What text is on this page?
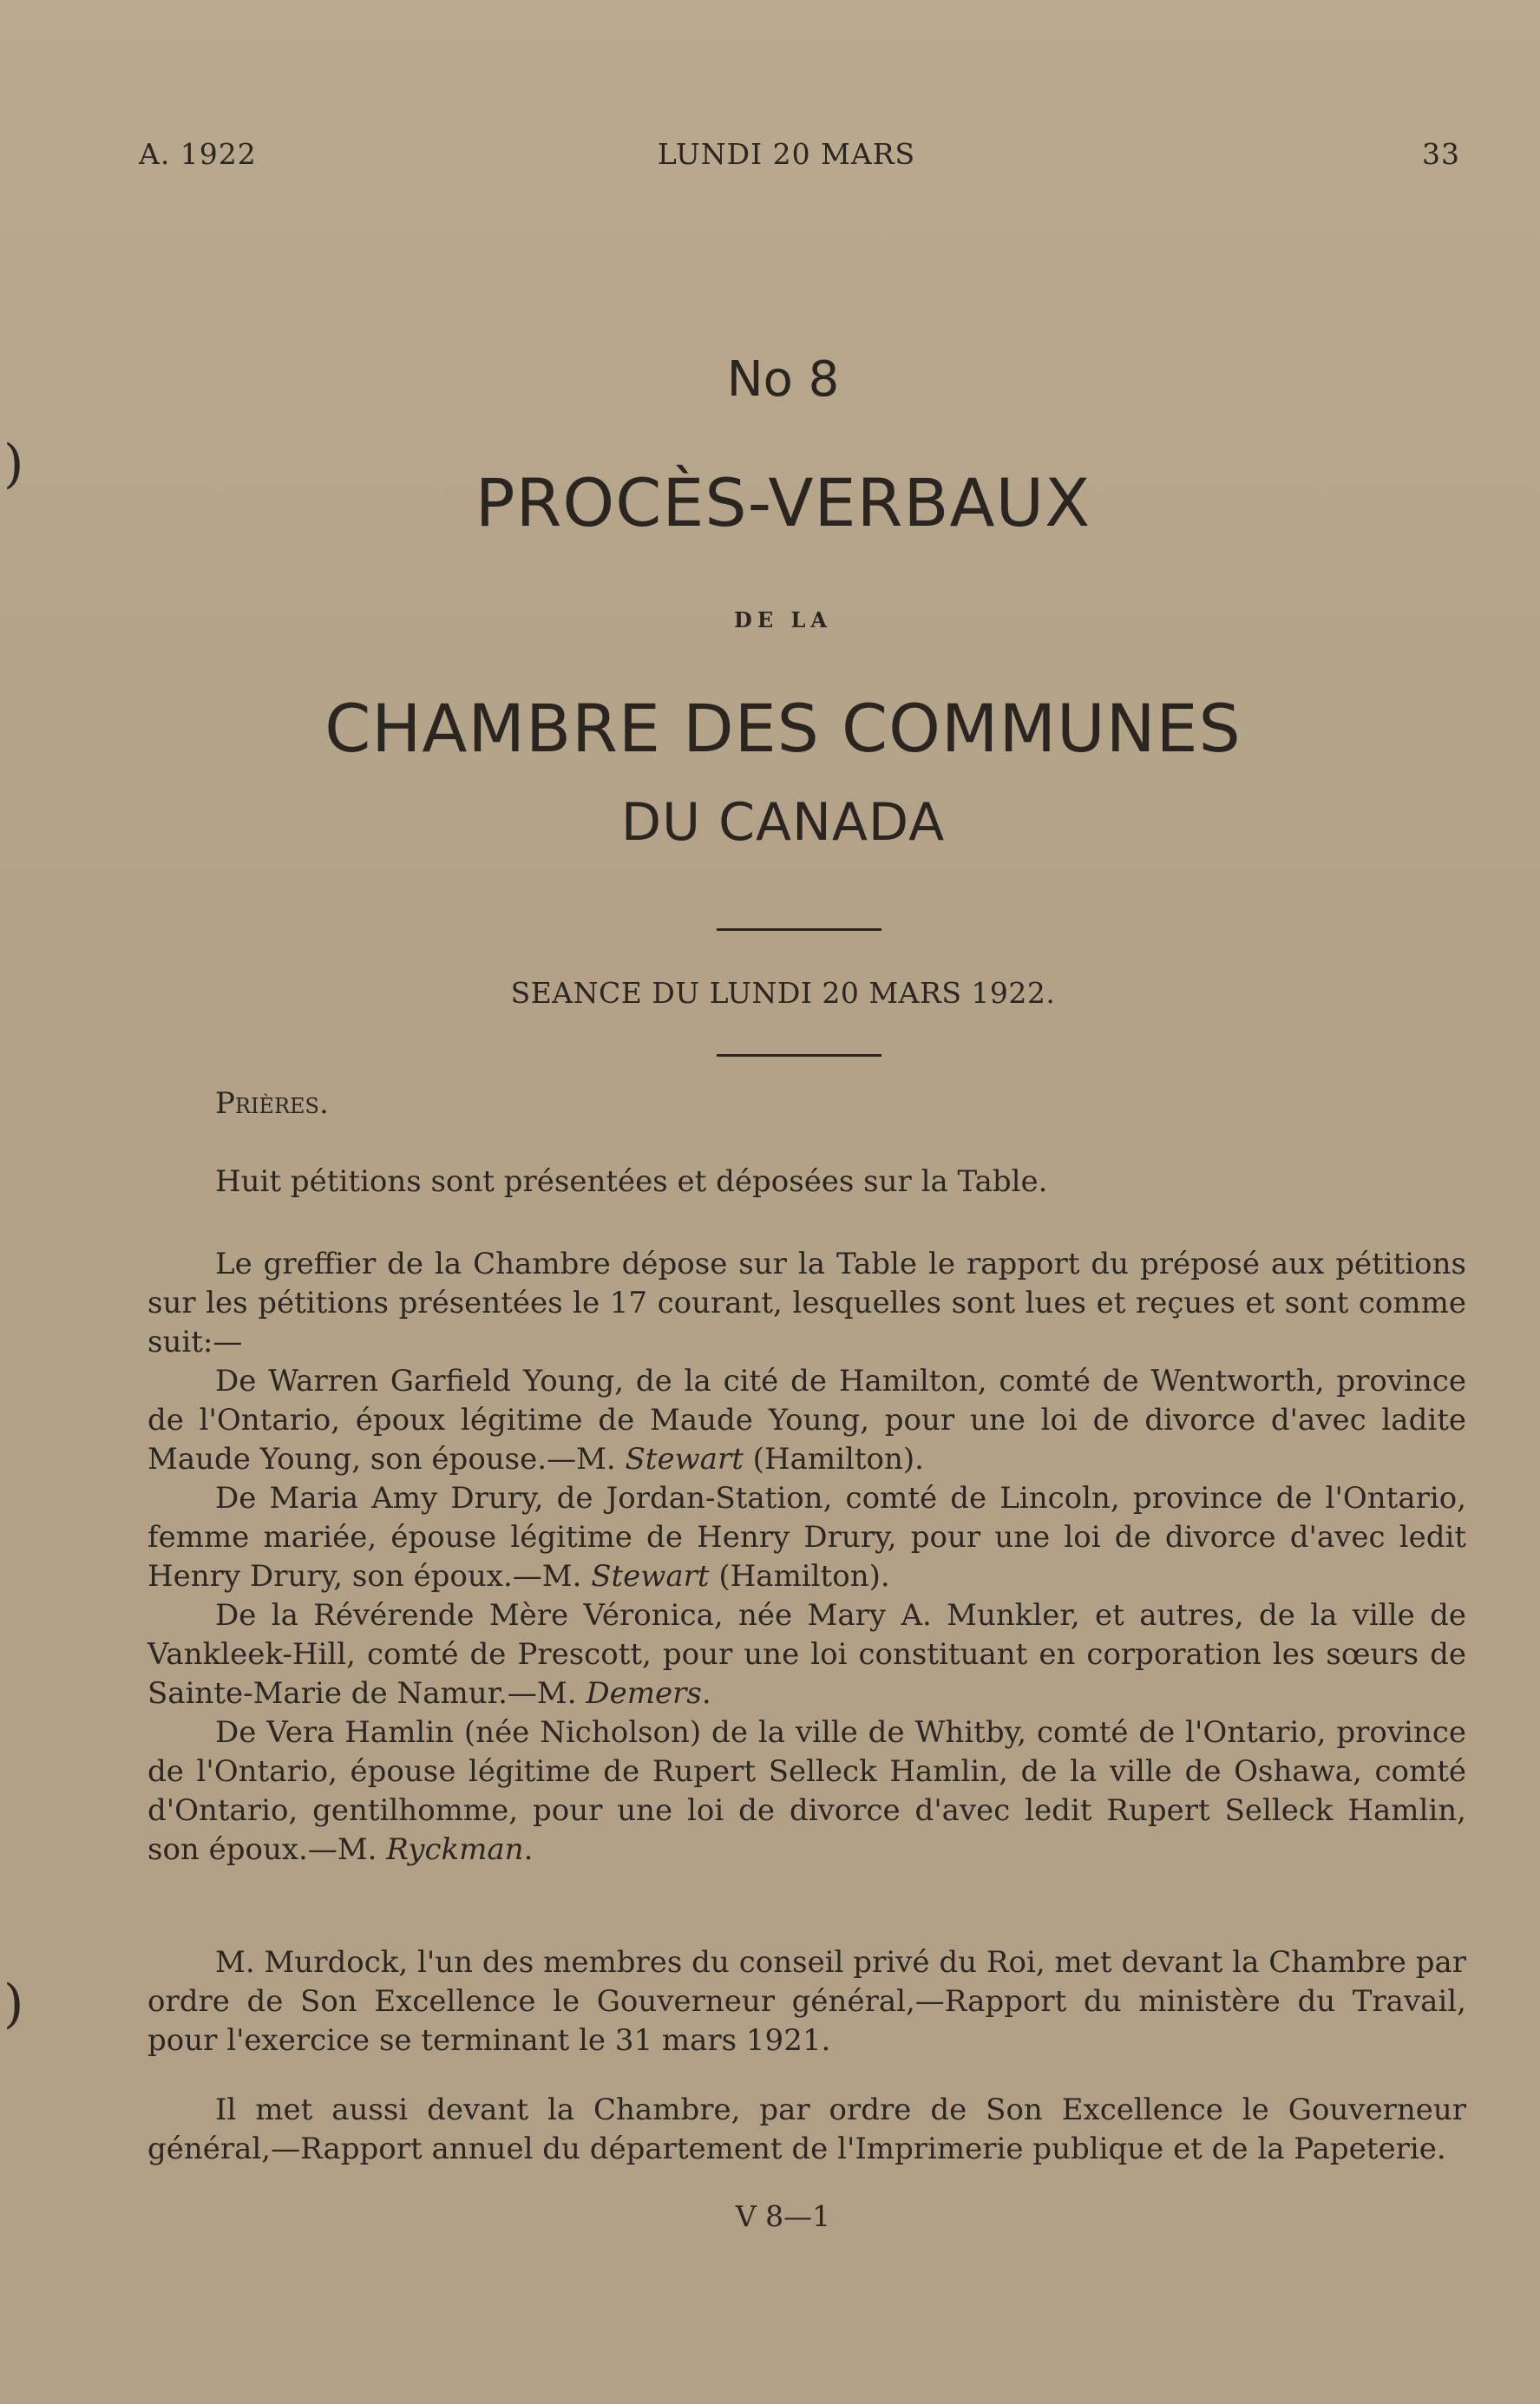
A. 1922	LUNDI 20 MARS	33
No 8
PROCÈS-VERBAUX
DE LA
CHAMBRE DES COMMUNES
DU CANADA
SEANCE DU LUNDI 20 MARS 1922.

Prières.

Huit pétitions sont présentées et déposées sur la Table.

Le greffier de la Chambre dépose sur la Table le rapport du préposé aux pétitions sur les pétitions présentées le 17 courant, lesquelles sont lues et reçues et sont comme suit:—

De Warren Garfield Young, de la cité de Hamilton, comté de Wentworth, province de l'Ontario, époux légitime de Maude Young, pour une loi de divorce d'avec ladite Maude Young, son épouse.—M. Stewart (Hamilton).

De Maria Amy Drury, de Jordan-Station, comté de Lincoln, province de l'Ontario, femme mariée, épouse légitime de Henry Drury, pour une loi de divorce d'avec ledit Henry Drury, son époux.—M. Stewart (Hamilton).

De la Révérende Mère Véronica, née Mary A. Munkler, et autres, de la ville de Vankleek-Hill, comté de Prescott, pour une loi constituant en corporation les sœurs de Sainte-Marie de Namur.—M. Demers.

De Vera Hamlin (née Nicholson) de la ville de Whitby, comté de l'Ontario, province de l'Ontario, épouse légitime de Rupert Selleck Hamlin, de la ville de Oshawa, comté d'Ontario, gentilhomme, pour une loi de divorce d'avec ledit Rupert Selleck Hamlin, son époux.—M. Ryckman.

M. Murdock, l'un des membres du conseil privé du Roi, met devant la Chambre par ordre de Son Excellence le Gouverneur général,—Rapport du ministère du Travail, pour l'exercice se terminant le 31 mars 1921.

Il met aussi devant la Chambre, par ordre de Son Excellence le Gouverneur général,—Rapport annuel du département de l'Imprimerie publique et de la Papeterie.

V 8—1
)
)
